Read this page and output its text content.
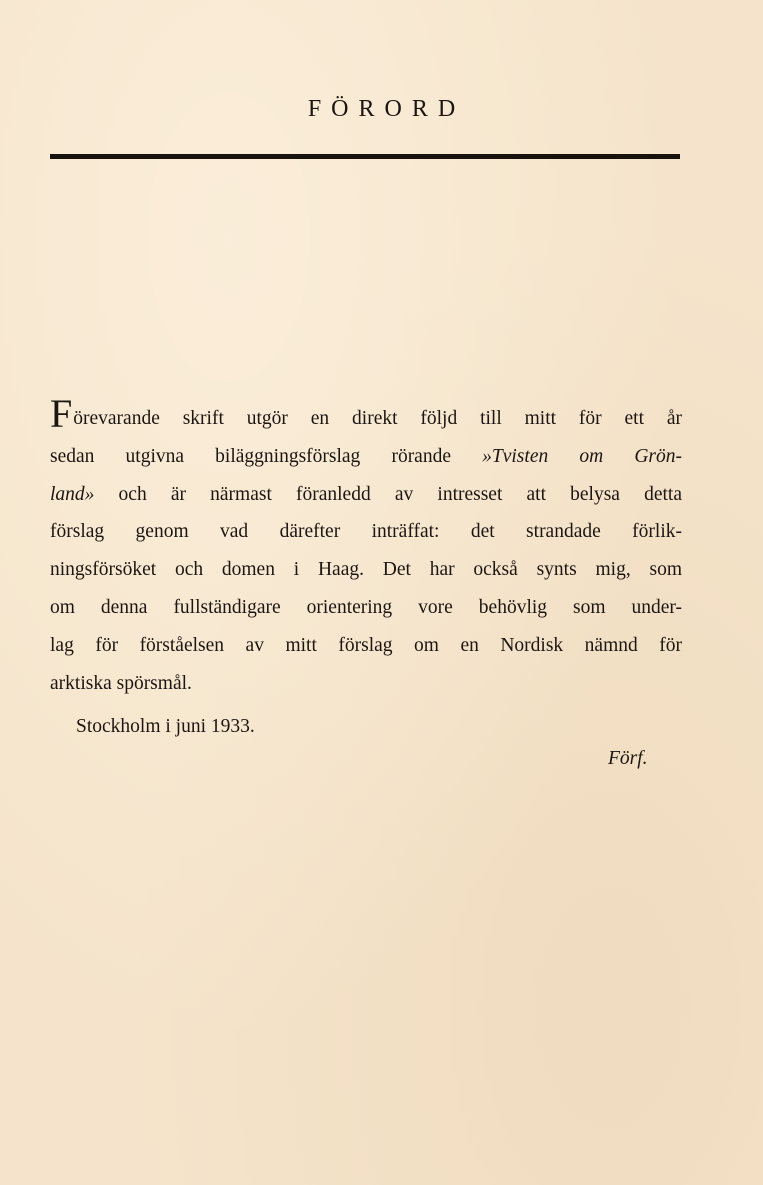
FÖRORD
Förevarande skrift utgör en direkt följd till mitt för ett år
sedan utgivna biläggningsförslag rörande »Tvisten om Grön-
land» och är närmast föranledd av intresset att belysa detta
förslag genom vad därefter inträffat: det strandade förlik-
ningsförsöket och domen i Haag. Det har också synts mig, som
om denna fullständigare orientering vore behövlig som under-
lag för förståelsen av mitt förslag om en Nordisk nämnd för
arktiska spörsmål.
Stockholm i juni 1933.
Förf.
